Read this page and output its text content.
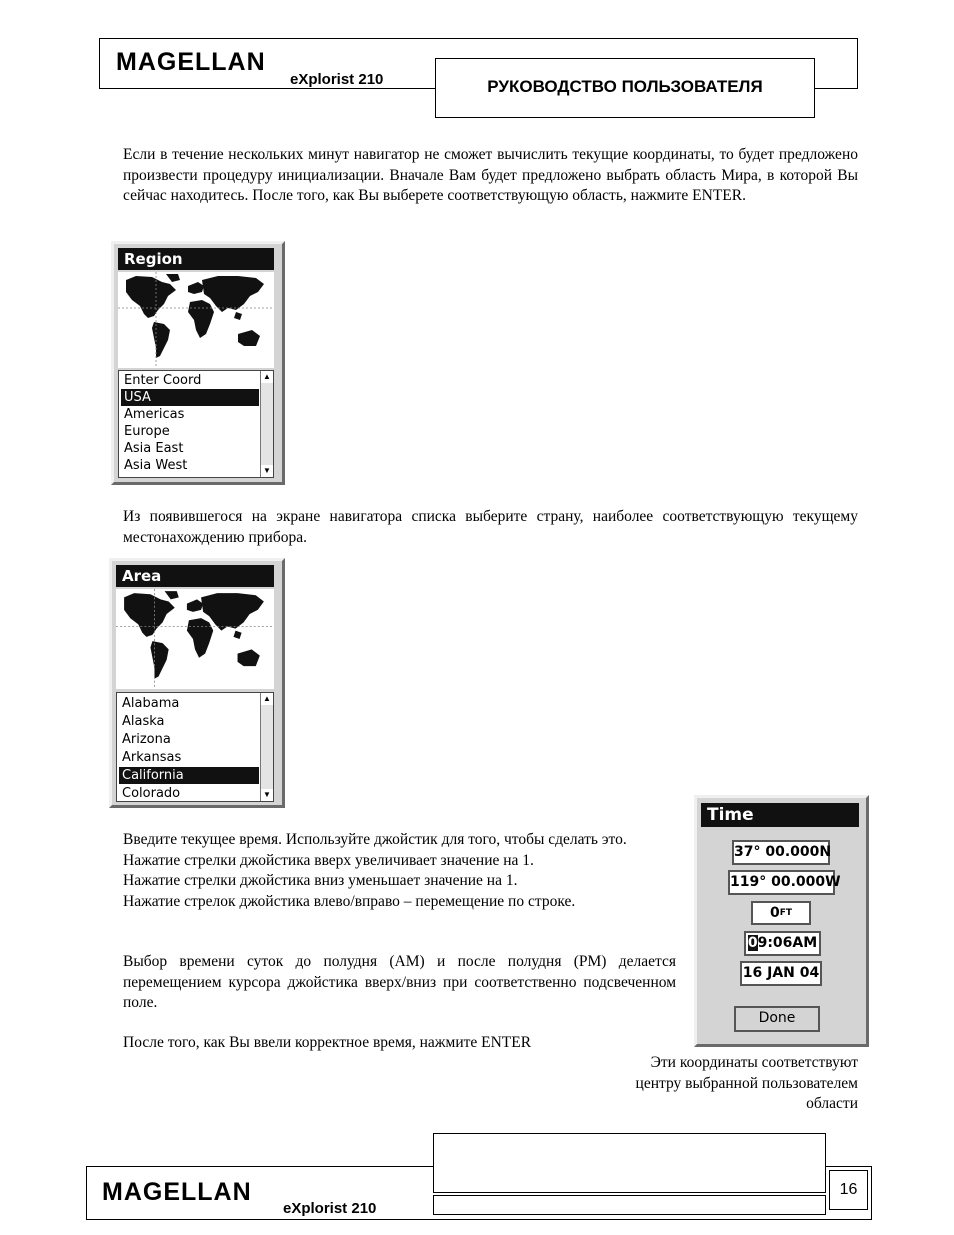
MAGELLAN
eXplorist 210	РУКОВОДСТВО ПОЛЬЗОВАТЕЛЯ
Если в течение нескольких минут навигатор не сможет вычислить текущие координаты, то будет предложено произвести процедуру инициализации. Вначале Вам будет предложено выбрать область Мира, в которой Вы сейчас находитесь. После того, как Вы выберете соответствующую область, нажмите ENTER.
Region
Enter Coord
USA
Americas
Europe
Asia East
Asia West
▲
▼
Из появившегося на экране навигатора списка выберите страну, наиболее соответствующую текущему местонахождению прибора.
Area
Alabama
Alaska
Arizona
Arkansas
California
Colorado
▲
▼
Введите текущее время. Используйте джойстик для того, чтобы сделать это.
Нажатие стрелки джойстика вверх увеличивает значение на 1.
Нажатие стрелки джойстика вниз уменьшает значение на 1.
Нажатие стрелок джойстика влево/вправо – перемещение по строке.
Выбор времени суток до полудня (AM) и после полудня (PM) делается перемещением курсора джойстика вверх/вниз при соответственно подсвеченном поле.
После того, как Вы ввели корректное время, нажмите ENTER
Time
37° 00.000N
119° 00.000W
$0^{FT}$
09:06AM
16 JAN 04
Done
Эти координаты соответствуют центру выбранной пользователем области
MAGELLAN
eXplorist 210
16
